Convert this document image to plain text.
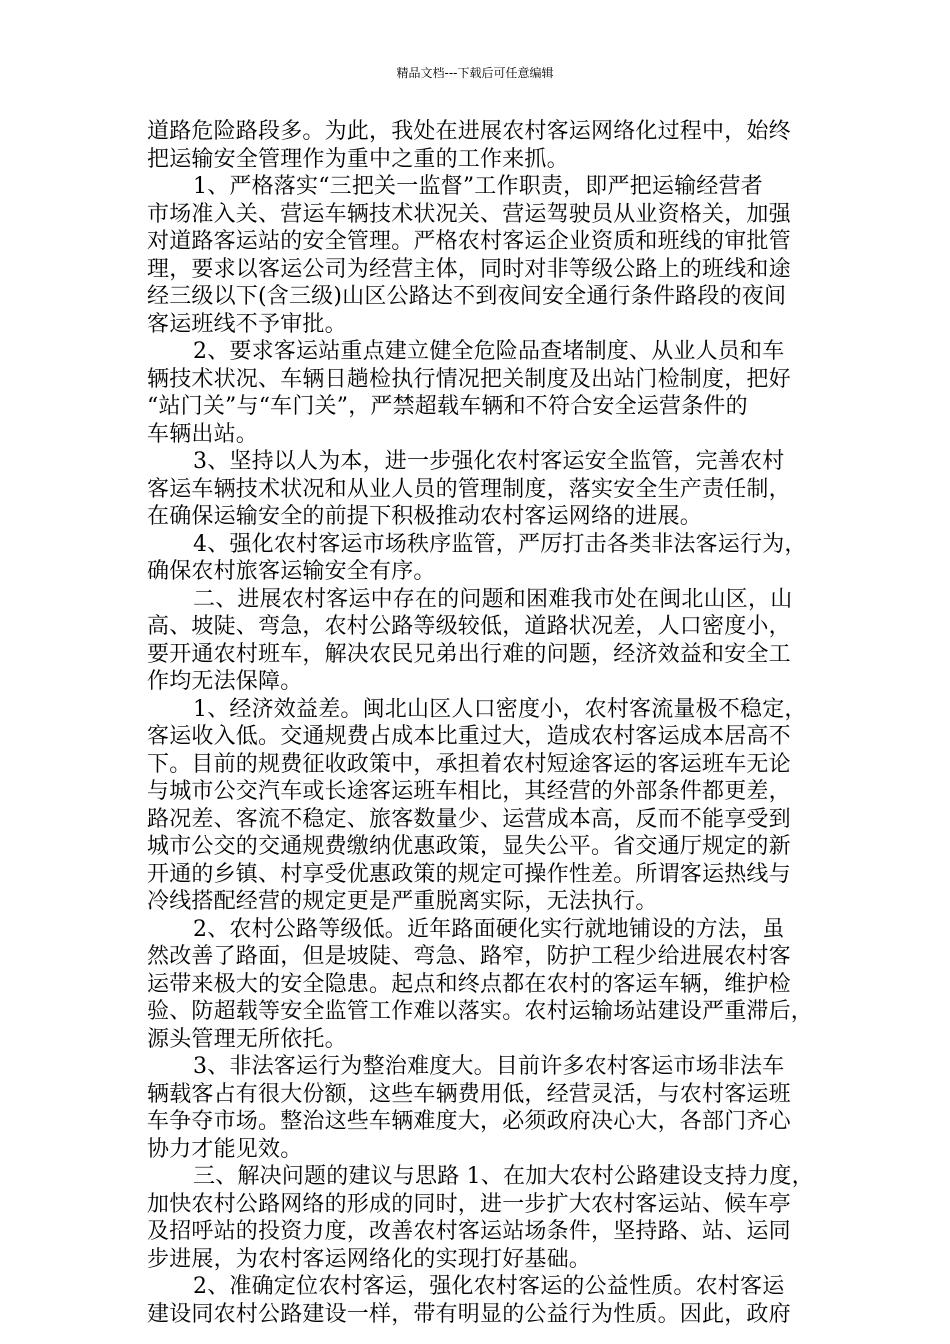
精品文档---下载后可任意编辑
道路危险路段多。为此，我处在进展农村客运网络化过程中，始终
把运输安全管理作为重中之重的工作来抓。
1、严格落实“三把关一监督”工作职责，即严把运输经营者
市场准入关、营运车辆技术状况关、营运驾驶员从业资格关，加强
对道路客运站的安全管理。严格农村客运企业资质和班线的审批管
理，要求以客运公司为经营主体，同时对非等级公路上的班线和途
经三级以下(含三级)山区公路达不到夜间安全通行条件路段的夜间
客运班线不予审批。
2、要求客运站重点建立健全危险品查堵制度、从业人员和车
辆技术状况、车辆日趟检执行情况把关制度及出站门检制度，把好
“站门关”与“车门关”，严禁超载车辆和不符合安全运营条件的
车辆出站。
3、坚持以人为本，进一步强化农村客运安全监管，完善农村
客运车辆技术状况和从业人员的管理制度，落实安全生产责任制，
在确保运输安全的前提下积极推动农村客运网络的进展。
4、强化农村客运市场秩序监管，严厉打击各类非法客运行为，
确保农村旅客运输安全有序。
二、进展农村客运中存在的问题和困难我市处在闽北山区，山
高、坡陡、弯急，农村公路等级较低，道路状况差，人口密度小，
要开通农村班车，解决农民兄弟出行难的问题，经济效益和安全工
作均无法保障。
1、经济效益差。闽北山区人口密度小，农村客流量极不稳定，
客运收入低。交通规费占成本比重过大，造成农村客运成本居高不
下。目前的规费征收政策中，承担着农村短途客运的客运班车无论
与城市公交汽车或长途客运班车相比，其经营的外部条件都更差，
路况差、客流不稳定、旅客数量少、运营成本高，反而不能享受到
城市公交的交通规费缴纳优惠政策，显失公平。省交通厅规定的新
开通的乡镇、村享受优惠政策的规定可操作性差。所谓客运热线与
冷线搭配经营的规定更是严重脱离实际，无法执行。
2、农村公路等级低。近年路面硬化实行就地铺设的方法，虽
然改善了路面，但是坡陡、弯急、路窄，防护工程少给进展农村客
运带来极大的安全隐患。起点和终点都在农村的客运车辆，维护检
验、防超载等安全监管工作难以落实。农村运输场站建设严重滞后，
源头管理无所依托。
3、非法客运行为整治难度大。目前许多农村客运市场非法车
辆载客占有很大份额，这些车辆费用低，经营灵活，与农村客运班
车争夺市场。整治这些车辆难度大，必须政府决心大，各部门齐心
协力才能见效。
三、解决问题的建议与思路 1、在加大农村公路建设支持力度，
加快农村公路网络的形成的同时，进一步扩大农村客运站、候车亭
及招呼站的投资力度，改善农村客运站场条件，坚持路、站、运同
步进展，为农村客运网络化的实现打好基础。
2、准确定位农村客运，强化农村客运的公益性质。农村客运
建设同农村公路建设一样，带有明显的公益行为性质。因此，政府
